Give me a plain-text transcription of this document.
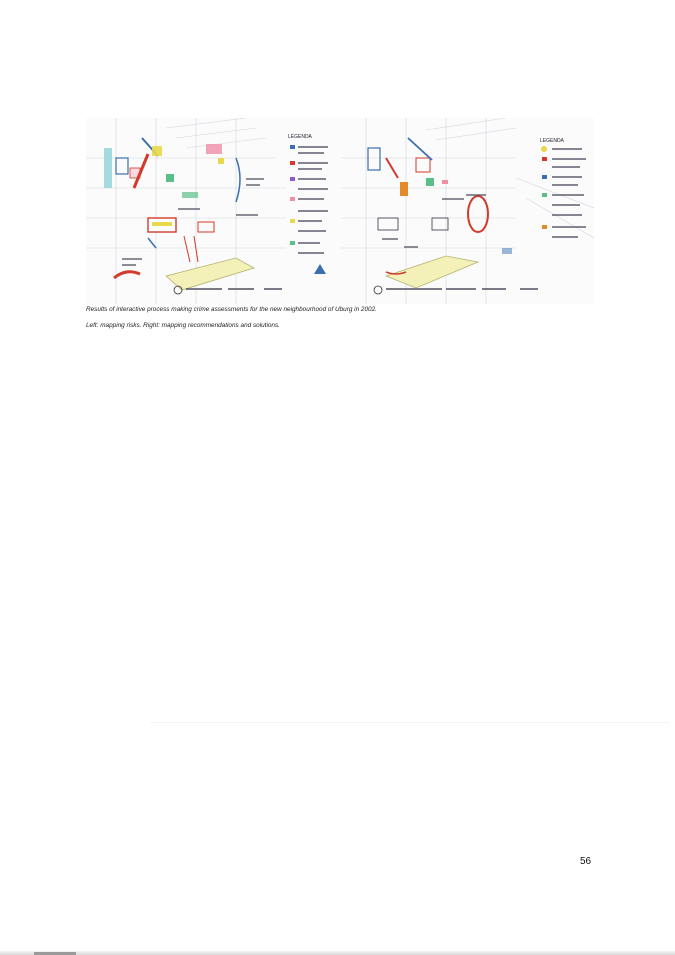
LEGENDA
LEGENDA
Results of interactive process making crime assessments for the new neighbourhood of Uburg in 2002.
Left: mapping risks. Right: mapping recommendations and solutions.
56
